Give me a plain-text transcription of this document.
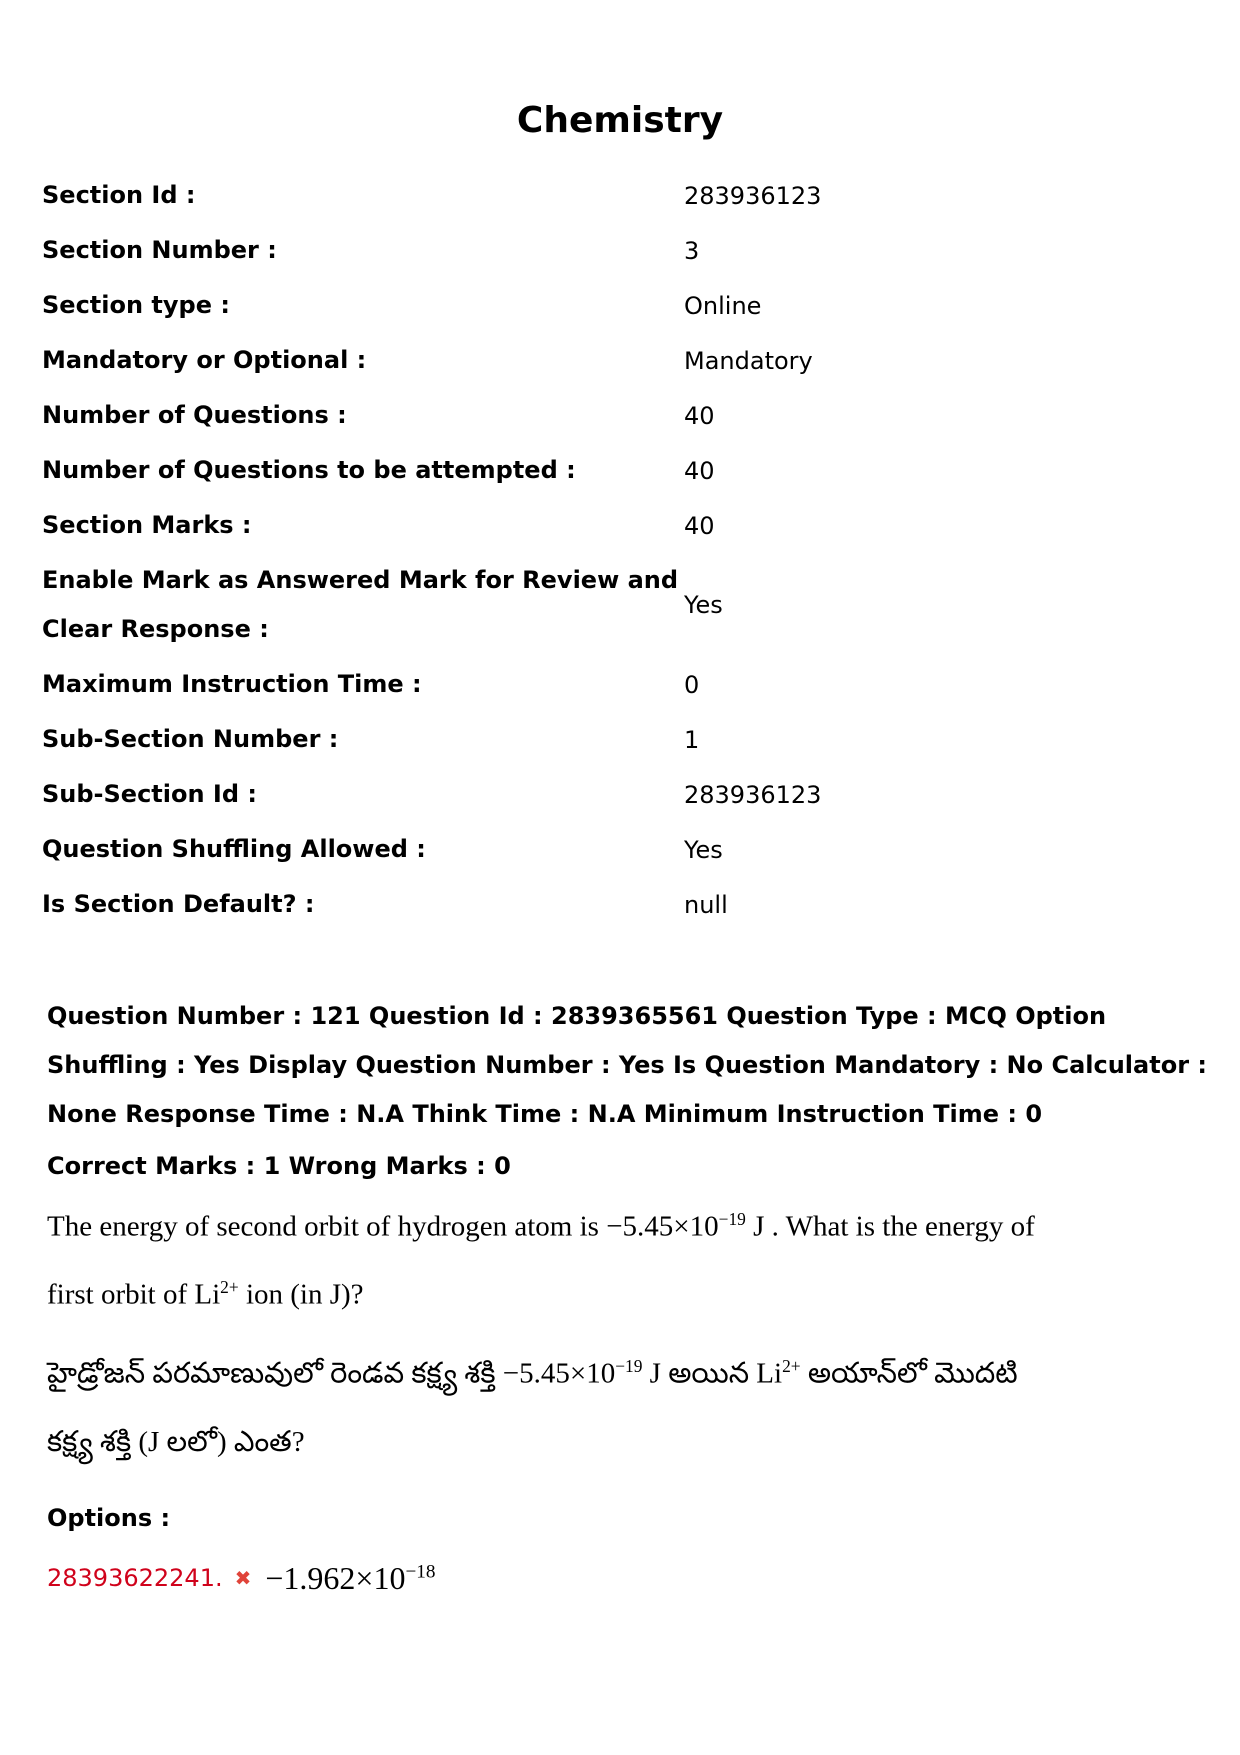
Chemistry
Section Id :	283936123
Section Number :	3
Section type :	Online
Mandatory or Optional :	Mandatory
Number of Questions :	40
Number of Questions to be attempted :	40
Section Marks :	40
Enable Mark as Answered Mark for Review and Clear Response :
Yes
Maximum Instruction Time :	0
Sub-Section Number :	1
Sub-Section Id :	283936123
Question Shuffling Allowed :	Yes
Is Section Default? :	null
Question Number : 121 Question Id : 2839365561 Question Type : MCQ Option Shuffling : Yes Display Question Number : Yes Is Question Mandatory : No Calculator : None Response Time : N.A Think Time : N.A Minimum Instruction Time : 0
Correct Marks : 1 Wrong Marks : 0

The energy of second orbit of hydrogen atom is $-5.45\times 10^{-19}$ J . What is the energy of

first orbit of $Li^{2+}$ ion (in J)?

హైడ్రోజన్ పరమాణువులో రెండవ కక్ష్య శక్తి $-5.45\times 10^{-19}$ J అయిన $Li^{2+}$ అయాన్‌లో మొదటి

కక్ష్య శక్తి (J లలో) ఎంత?

Options :
28393622241. ✖ $-1.962\times 10^{-18}$
